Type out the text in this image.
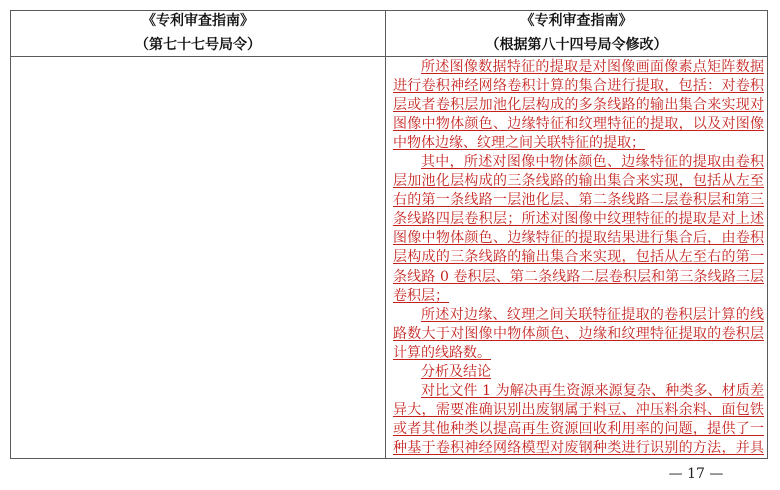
《专利审查指南》
（第七十七号局令）
《专利审查指南》
（根据第八十四号局令修改）
所述图像数据特征的提取是对图像画面像素点矩阵数据
进行卷积神经网络卷积计算的集合进行提取，包括：对卷积
层或者卷积层加池化层构成的多条线路的输出集合来实现对
图像中物体颜色、边缘特征和纹理特征的提取，以及对图像
中物体边缘、纹理之间关联特征的提取；
其中，所述对图像中物体颜色、边缘特征的提取由卷积
层加池化层构成的三条线路的输出集合来实现，包括从左至
右的第一条线路一层池化层、第二条线路二层卷积层和第三
条线路四层卷积层；所述对图像中纹理特征的提取是对上述
图像中物体颜色、边缘特征的提取结果进行集合后，由卷积
层构成的三条线路的输出集合来实现，包括从左至右的第一
条线路 0 卷积层、第二条线路二层卷积层和第三条线路三层
卷积层；
所述对边缘、纹理之间关联特征提取的卷积层计算的线
路数大于对图像中物体颜色、边缘和纹理特征提取的卷积层
计算的线路数。
分析及结论
对比文件 1 为解决再生资源来源复杂、种类多、材质差
异大，需要准确识别出废钢属于料豆、冲压料余料、面包铁
或者其他种类以提高再生资源回收利用率的问题，提供了一
种基于卷积神经网络模型对废钢种类进行识别的方法，并具
— 17 —
